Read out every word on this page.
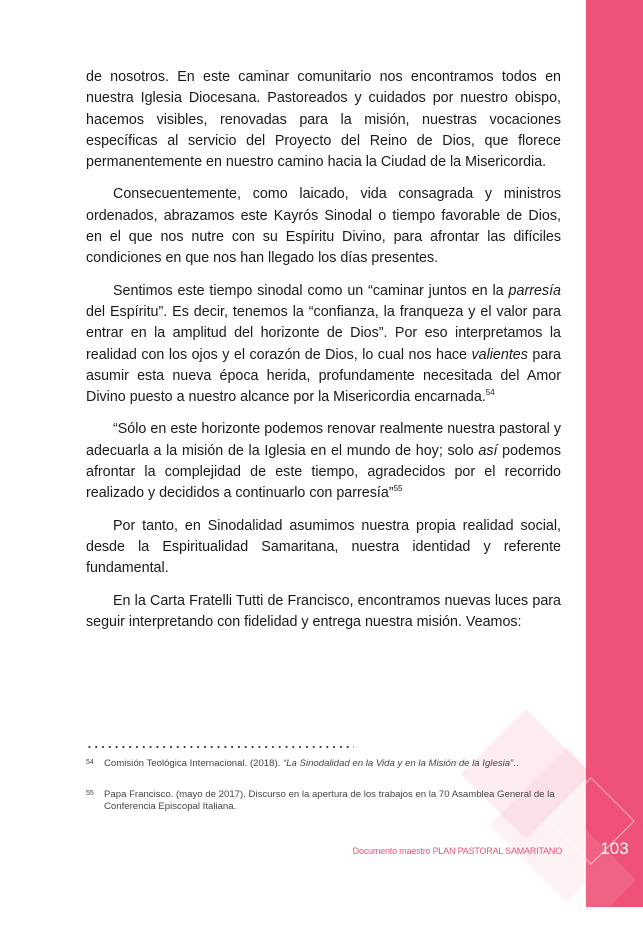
de nosotros. En este caminar comunitario nos encontramos todos en nuestra Iglesia Diocesana. Pastoreados y cuidados por nuestro obispo, hacemos visibles, renovadas para la misión, nuestras vocaciones específicas al servicio del Proyecto del Reino de Dios, que florece permanentemente en nuestro camino hacia la Ciudad de la Misericordia.

Consecuentemente, como laicado, vida consagrada y ministros ordenados, abrazamos este Kayrós Sinodal o tiempo favorable de Dios, en el que nos nutre con su Espíritu Divino, para afrontar las difíciles condiciones en que nos han llegado los días presentes.

Sentimos este tiempo sinodal como un “caminar juntos en la parresía del Espíritu”. Es decir, tenemos la “confianza, la franqueza y el valor para entrar en la amplitud del horizonte de Dios”. Por eso interpretamos la realidad con los ojos y el corazón de Dios, lo cual nos hace valientes para asumir esta nueva época herida, profundamente necesitada del Amor Divino puesto a nuestro alcance por la Misericordia encarnada.$^{54}$

“Sólo en este horizonte podemos renovar realmente nuestra pastoral y adecuarla a la misión de la Iglesia en el mundo de hoy; solo así podemos afrontar la complejidad de este tiempo, agradecidos por el recorrido realizado y decididos a continuarlo con parresía”$^{55}$

Por tanto, en Sinodalidad asumimos nuestra propia realidad social, desde la Espiritualidad Samaritana, nuestra identidad y referente fundamental.

En la Carta Fratelli Tutti de Francisco, encontramos nuevas luces para seguir interpretando con fidelidad y entrega nuestra misión. Veamos:

54 Comisión Teológica Internacional. (2018). “La Sinodalidad en la Vida y en la Misión de la Iglesia”..
55 Papa Francisco. (mayo de 2017). Discurso en la apertura de los trabajos en la 70 Asamblea General de la Conferencia Episcopal Italiana.
Documento maestro PLAN PASTORAL SAMARITANO	103
